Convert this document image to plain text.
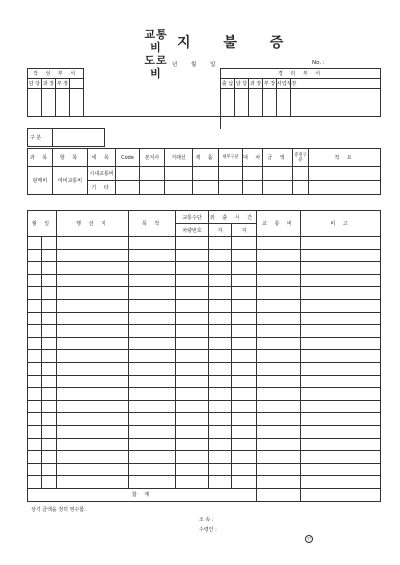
교통비
도로비
지 불 증
년 월 일	No. :
작 성 부 서					경 리 부 서					
담 당	과 장	부 장			출 납	담 당	과 장	부 장	사업부장	

구 분		
과 목	항 목	세 목	Code	본지사	거래선	제 품	세무구분	대 차	금 액	증빙구분	적 요
판매비	여비교통비	시내교통비									
		기 타									
월 일		행 선 지	목 적	교통수단	외 출 시 간		교 통 비	비 고
				차량번호	자	지		

합 계								
상기 금액을 정히 영수함.
소 속 :
수령인 :
인
